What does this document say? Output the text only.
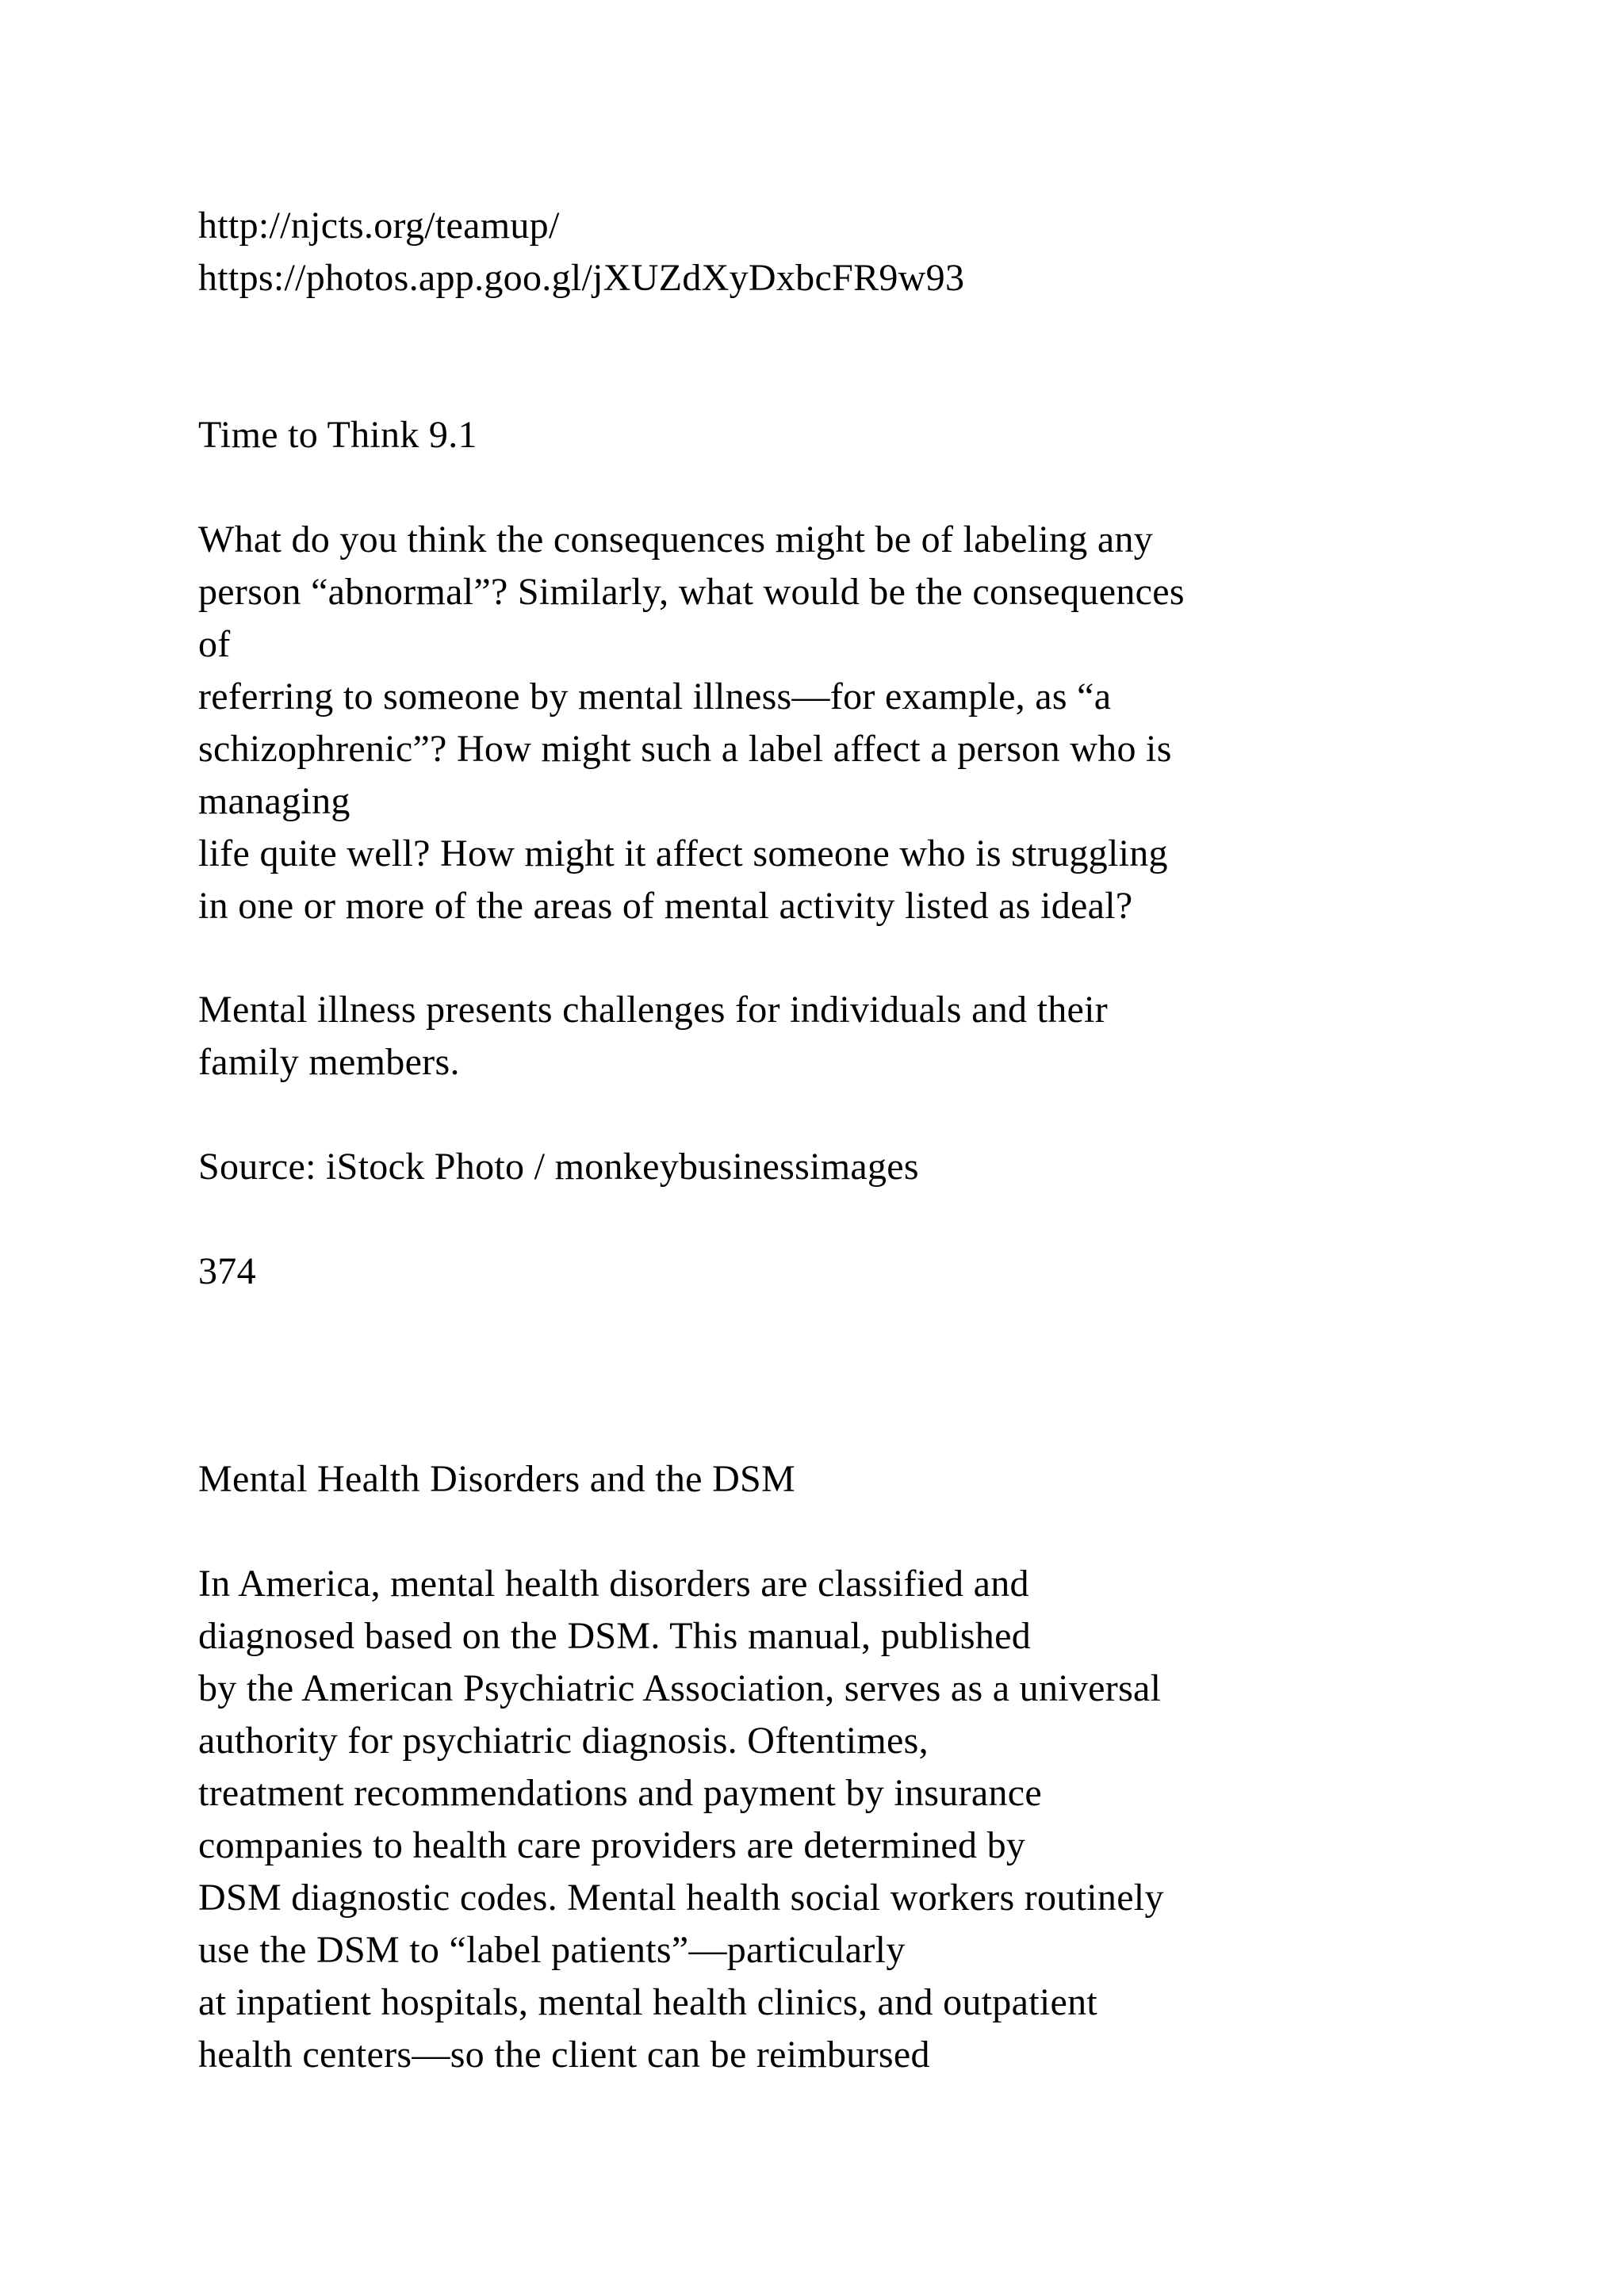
http://njcts.org/teamup/

https://photos.app.goo.gl/jXUZdXyDxbcFR9w93

Time to Think 9.1

What do you think the consequences might be of labeling any

person “abnormal”? Similarly, what would be the consequences

of

referring to someone by mental illness—for example, as “a

schizophrenic”? How might such a label affect a person who is

managing

life quite well? How might it affect someone who is struggling

in one or more of the areas of mental activity listed as ideal?

Mental illness presents challenges for individuals and their

family members.

Source: iStock Photo / monkeybusinessimages

374

Mental Health Disorders and the DSM

In America, mental health disorders are classified and

diagnosed based on the DSM. This manual, published

by the American Psychiatric Association, serves as a universal

authority for psychiatric diagnosis. Oftentimes,

treatment recommendations and payment by insurance

companies to health care providers are determined by

DSM diagnostic codes. Mental health social workers routinely

use the DSM to “label patients”—particularly

at inpatient hospitals, mental health clinics, and outpatient

health centers—so the client can be reimbursed
